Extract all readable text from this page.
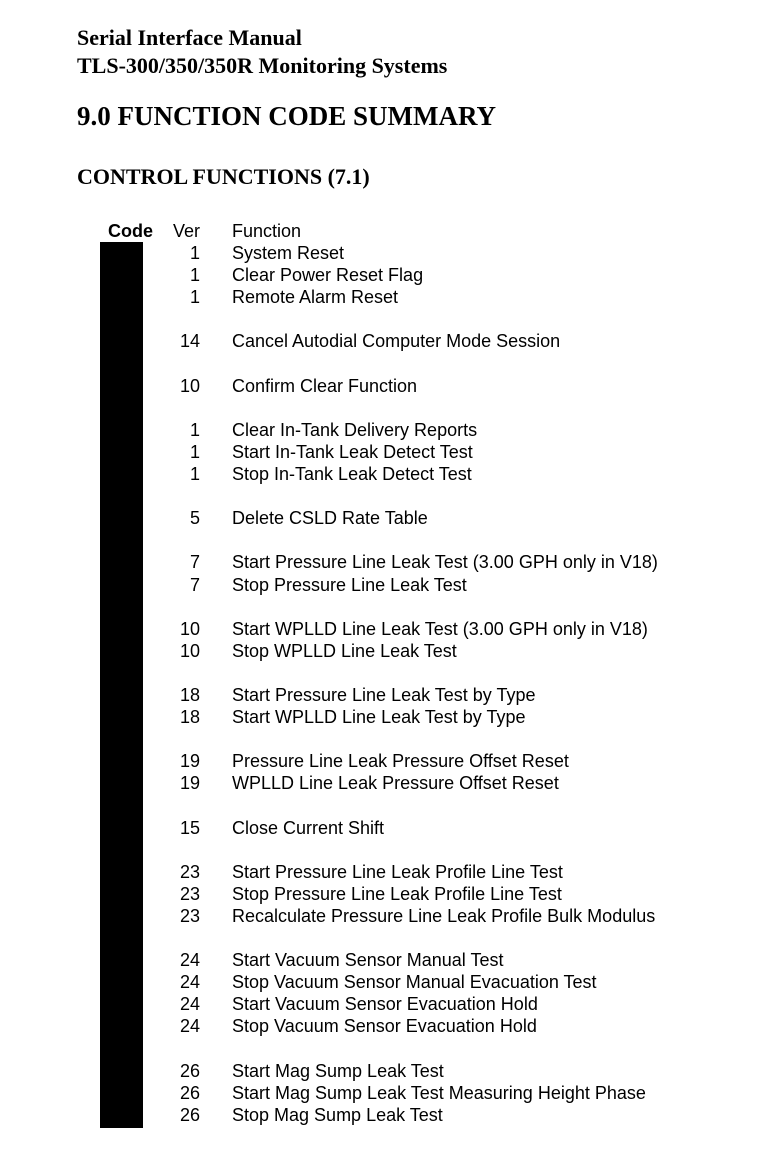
Serial Interface Manual
TLS-300/350/350R Monitoring Systems
9.0 FUNCTION CODE SUMMARY
CONTROL FUNCTIONS (7.1)
Code	Ver Function
1 System Reset
1 Clear Power Reset Flag
1 Remote Alarm Reset
14 Cancel Autodial Computer Mode Session
10 Confirm Clear Function
1 Clear In-Tank Delivery Reports
1 Start In-Tank Leak Detect Test
1 Stop In-Tank Leak Detect Test
5 Delete CSLD Rate Table
7 Start Pressure Line Leak Test (3.00 GPH only in V18)
7 Stop Pressure Line Leak Test
10 Start WPLLD Line Leak Test (3.00 GPH only in V18)
10 Stop WPLLD Line Leak Test
18 Start Pressure Line Leak Test by Type
18 Start WPLLD Line Leak Test by Type
19 Pressure Line Leak Pressure Offset Reset
19 WPLLD Line Leak Pressure Offset Reset
15 Close Current Shift
23 Start Pressure Line Leak Profile Line Test
23 Stop Pressure Line Leak Profile Line Test
23 Recalculate Pressure Line Leak Profile Bulk Modulus
24 Start Vacuum Sensor Manual Test
24 Stop Vacuum Sensor Manual Evacuation Test
24 Start Vacuum Sensor Evacuation Hold
24 Stop Vacuum Sensor Evacuation Hold
26 Start Mag Sump Leak Test
26 Start Mag Sump Leak Test Measuring Height Phase
26 Stop Mag Sump Leak Test
